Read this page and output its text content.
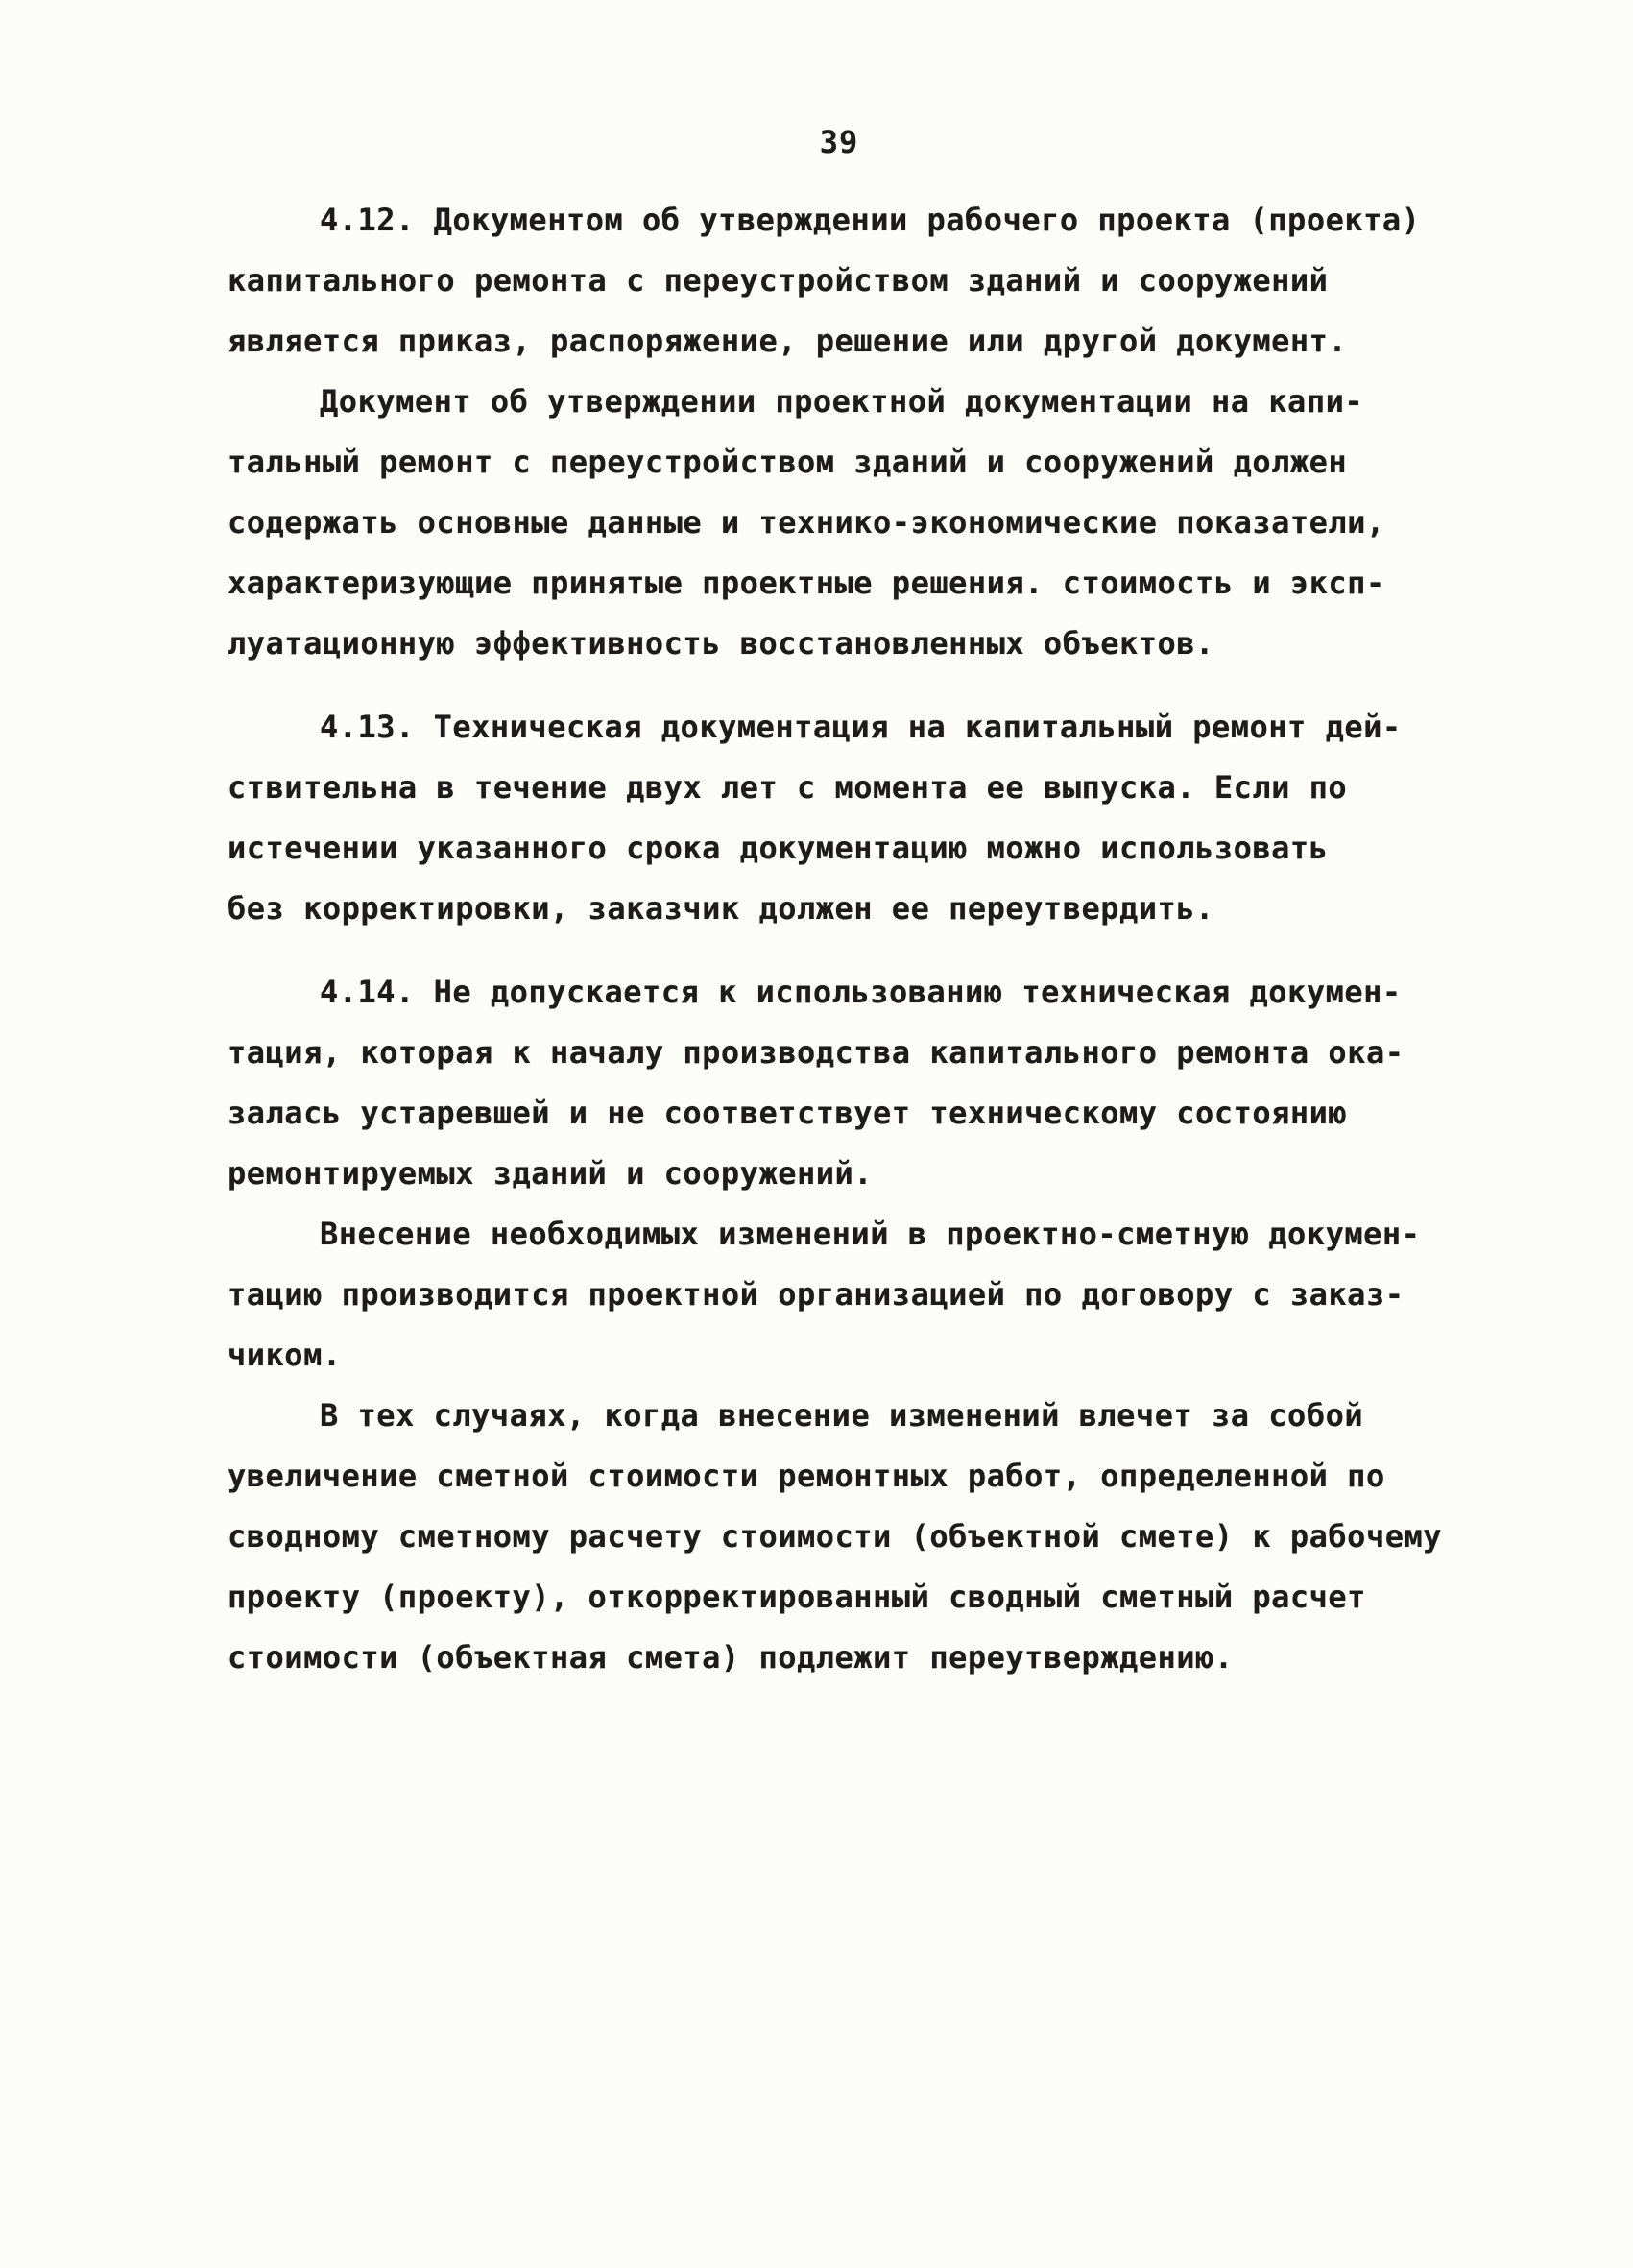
39

4.12. Документом об утверждении рабочего проекта (проекта)
капитального ремонта с переустройством зданий и сооружений
является приказ, распоряжение, решение или другой документ.

Документ об утверждении проектной документации на капи-
тальный ремонт с переустройством зданий и сооружений должен
содержать основные данные и технико-экономические показатели,
характеризующие принятые проектные решения. стоимость и эксп-
луатационную эффективность восстановленных объектов.

4.13. Техническая документация на капитальный ремонт дей-
ствительна в течение двух лет с момента ее выпуска. Если по
истечении указанного срока документацию можно использовать
без корректировки, заказчик должен ее переутвердить.

4.14. Не допускается к использованию техническая докумен-
тация, которая к началу производства капитального ремонта ока-
залась устаревшей и не соответствует техническому состоянию
ремонтируемых зданий и сооружений.

Внесение необходимых изменений в проектно-сметную докумен-
тацию производится проектной организацией по договору с заказ-
чиком.

В тех случаях, когда внесение изменений влечет за собой
увеличение сметной стоимости ремонтных работ, определенной по
сводному сметному расчету стоимости (объектной смете) к рабочему
проекту (проекту), откорректированный сводный сметный расчет
стоимости (объектная смета) подлежит переутверждению.
